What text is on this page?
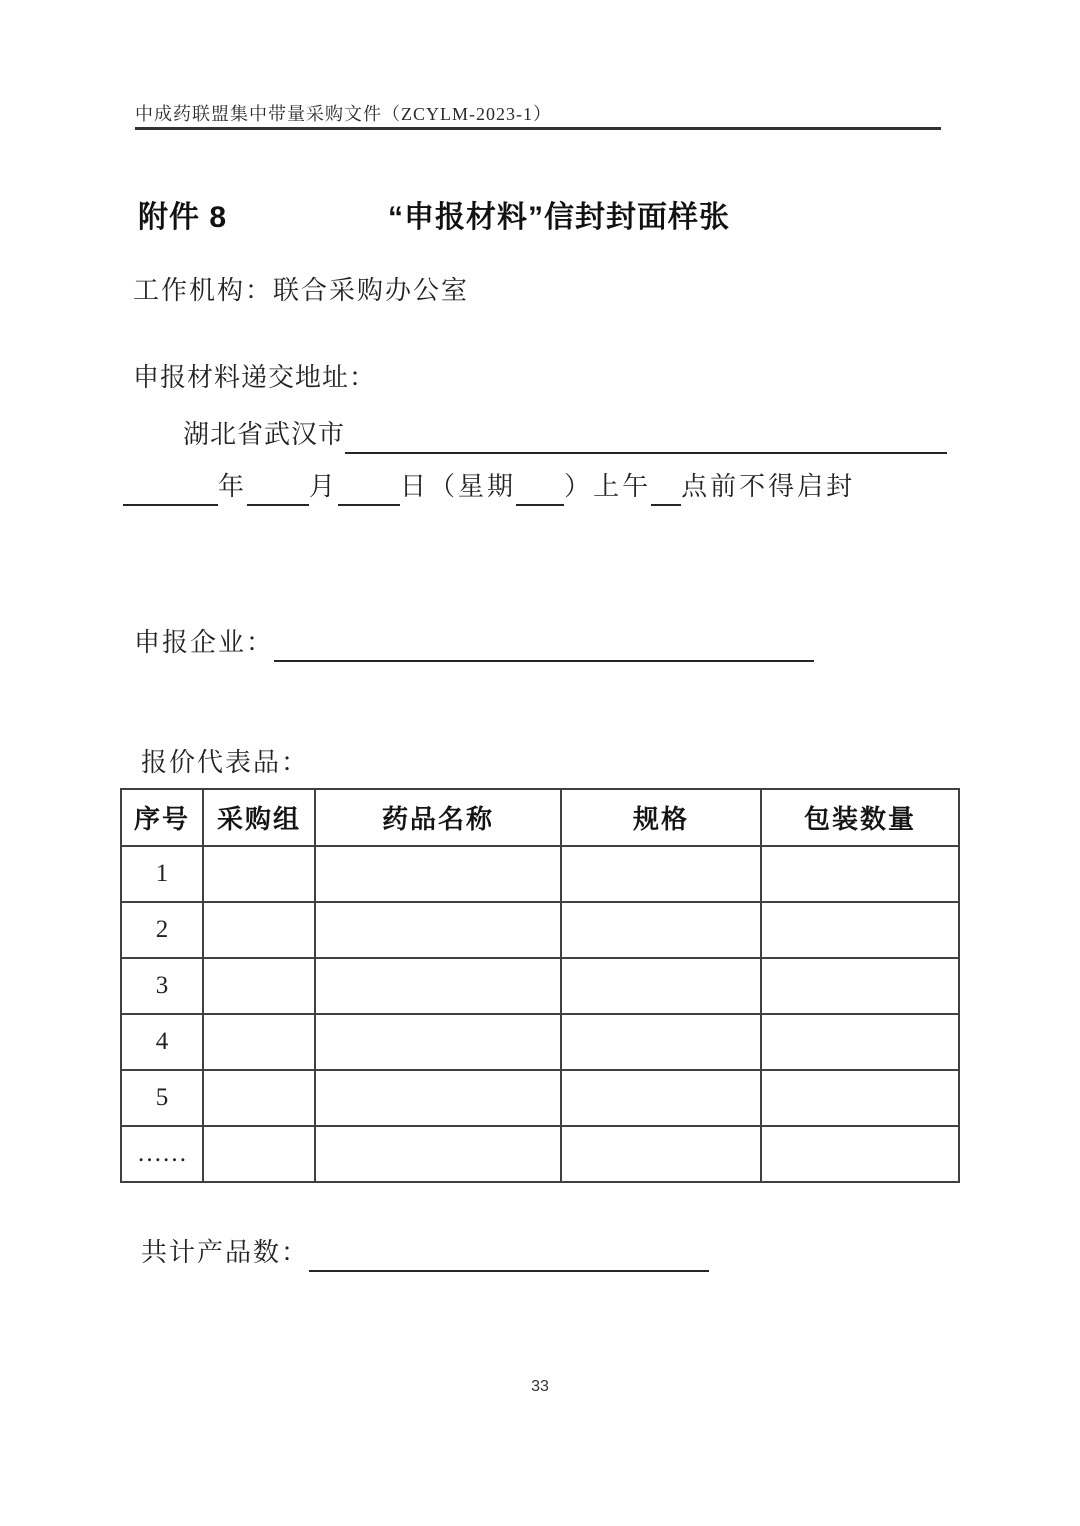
中成药联盟集中带量采购文件（ZCYLM-2023-1）
附件 8	“申报材料”信封封面样张
工作机构：联合采购办公室
申报材料递交地址：
湖北省武汉市
年 月 日（星期 ）上午 点前不得启封
申报企业：
报价代表品：
序号	采购组	药品名称	规格	包装数量
1				
2				
3				
4				
5				
……				
共计产品数：
33
